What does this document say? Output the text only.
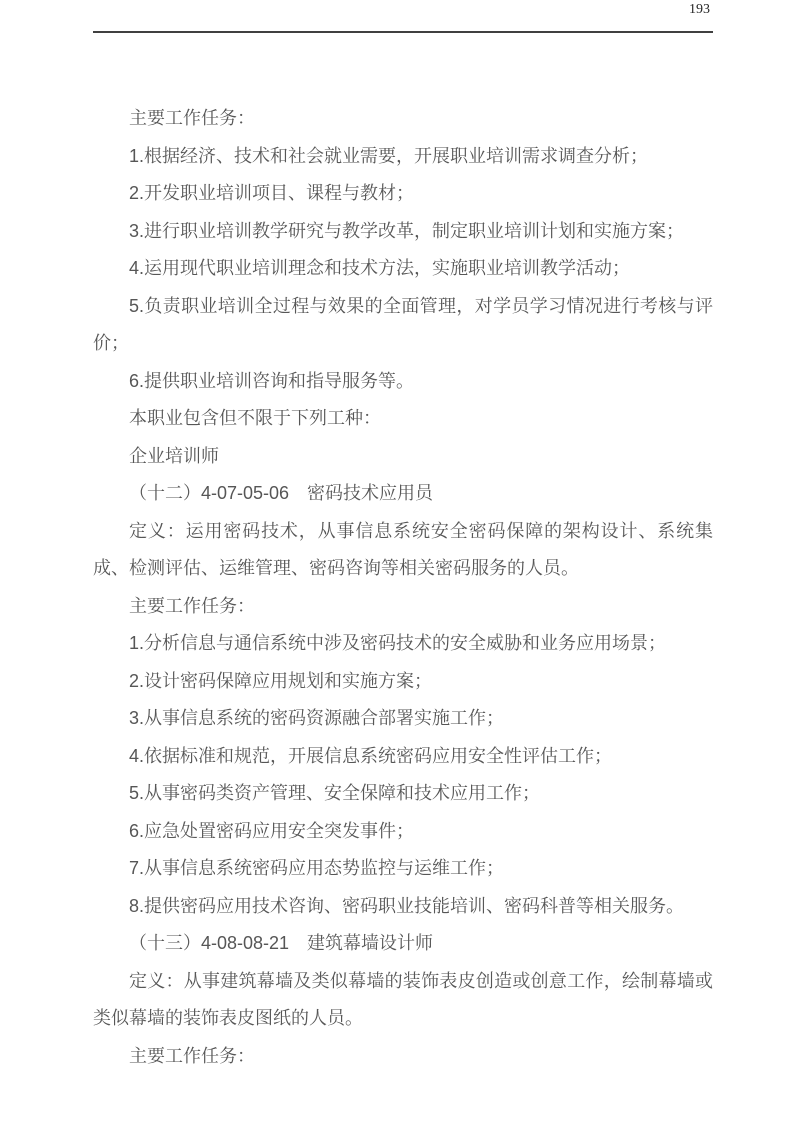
193
主要工作任务：
1.根据经济、技术和社会就业需要，开展职业培训需求调查分析；
2.开发职业培训项目、课程与教材；
3.进行职业培训教学研究与教学改革，制定职业培训计划和实施方案；
4.运用现代职业培训理念和技术方法，实施职业培训教学活动；
5.负责职业培训全过程与效果的全面管理，对学员学习情况进行考核与评
价；
6.提供职业培训咨询和指导服务等。
本职业包含但不限于下列工种：
企业培训师
（十二）4-07-05-06　密码技术应用员
定义：运用密码技术，从事信息系统安全密码保障的架构设计、系统集
成、检测评估、运维管理、密码咨询等相关密码服务的人员。
主要工作任务：
1.分析信息与通信系统中涉及密码技术的安全威胁和业务应用场景；
2.设计密码保障应用规划和实施方案；
3.从事信息系统的密码资源融合部署实施工作；
4.依据标准和规范，开展信息系统密码应用安全性评估工作；
5.从事密码类资产管理、安全保障和技术应用工作；
6.应急处置密码应用安全突发事件；
7.从事信息系统密码应用态势监控与运维工作；
8.提供密码应用技术咨询、密码职业技能培训、密码科普等相关服务。
（十三）4-08-08-21　建筑幕墙设计师
定义：从事建筑幕墙及类似幕墙的装饰表皮创造或创意工作，绘制幕墙或
类似幕墙的装饰表皮图纸的人员。
主要工作任务：
